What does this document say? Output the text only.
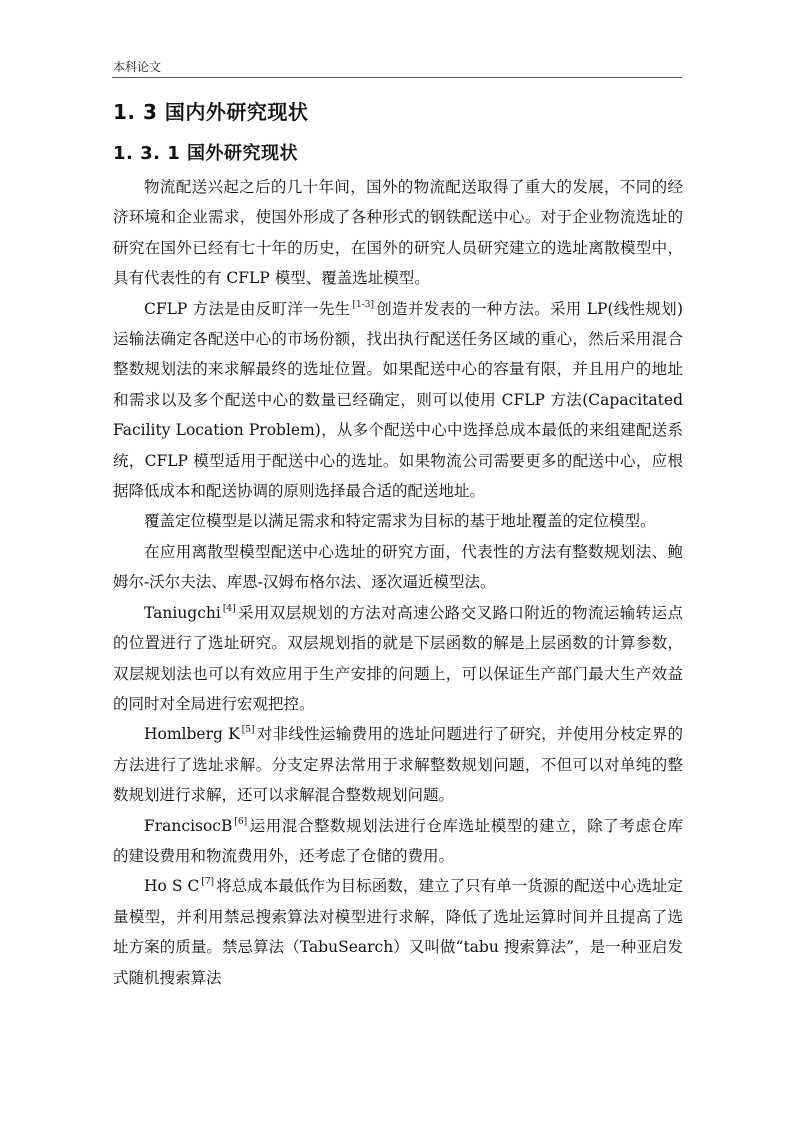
本科论文
1. 3 国内外研究现状
1. 3. 1 国外研究现状

物流配送兴起之后的几十年间，国外的物流配送取得了重大的发展，不同的经济环境和企业需求，使国外形成了各种形式的钢铁配送中心。对于企业物流选址的研究在国外已经有七十年的历史，在国外的研究人员研究建立的选址离散模型中，具有代表性的有 CFLP 模型、覆盖选址模型。

CFLP 方法是由反町洋一先生 [1-3] 创造并发表的一种方法。采用 LP(线性规划)运输法确定各配送中心的市场份额，找出执行配送任务区域的重心，然后采用混合整数规划法的来求解最终的选址位置。如果配送中心的容量有限，并且用户的地址和需求以及多个配送中心的数量已经确定，则可以使用 CFLP 方法(Capacitated Facility Location Problem)，从多个配送中心中选择总成本最低的来组建配送系统，CFLP 模型适用于配送中心的选址。如果物流公司需要更多的配送中心，应根据降低成本和配送协调的原则选择最合适的配送地址。

覆盖定位模型是以满足需求和特定需求为目标的基于地址覆盖的定位模型。

在应用离散型模型配送中心选址的研究方面，代表性的方法有整数规划法、鲍姆尔-沃尔夫法、库恩-汉姆布格尔法、逐次逼近模型法。

Taniugchi [4] 采用双层规划的方法对高速公路交叉路口附近的物流运输转运点的位置进行了选址研究。双层规划指的就是下层函数的解是上层函数的计算参数，双层规划法也可以有效应用于生产安排的问题上，可以保证生产部门最大生产效益的同时对全局进行宏观把控。

Homlberg K [5] 对非线性运输费用的选址问题进行了研究，并使用分枝定界的方法进行了选址求解。分支定界法常用于求解整数规划问题，不但可以对单纯的整数规划进行求解，还可以求解混合整数规划问题。

FrancisocB [6] 运用混合整数规划法进行仓库选址模型的建立，除了考虑仓库的建设费用和物流费用外，还考虑了仓储的费用。

Ho S C [7] 将总成本最低作为目标函数，建立了只有单一货源的配送中心选址定量模型，并利用禁忌搜索算法对模型进行求解，降低了选址运算时间并且提高了选址方案的质量。禁忌算法（TabuSearch）又叫做“tabu 搜索算法”，是一种亚启发式随机搜索算法
